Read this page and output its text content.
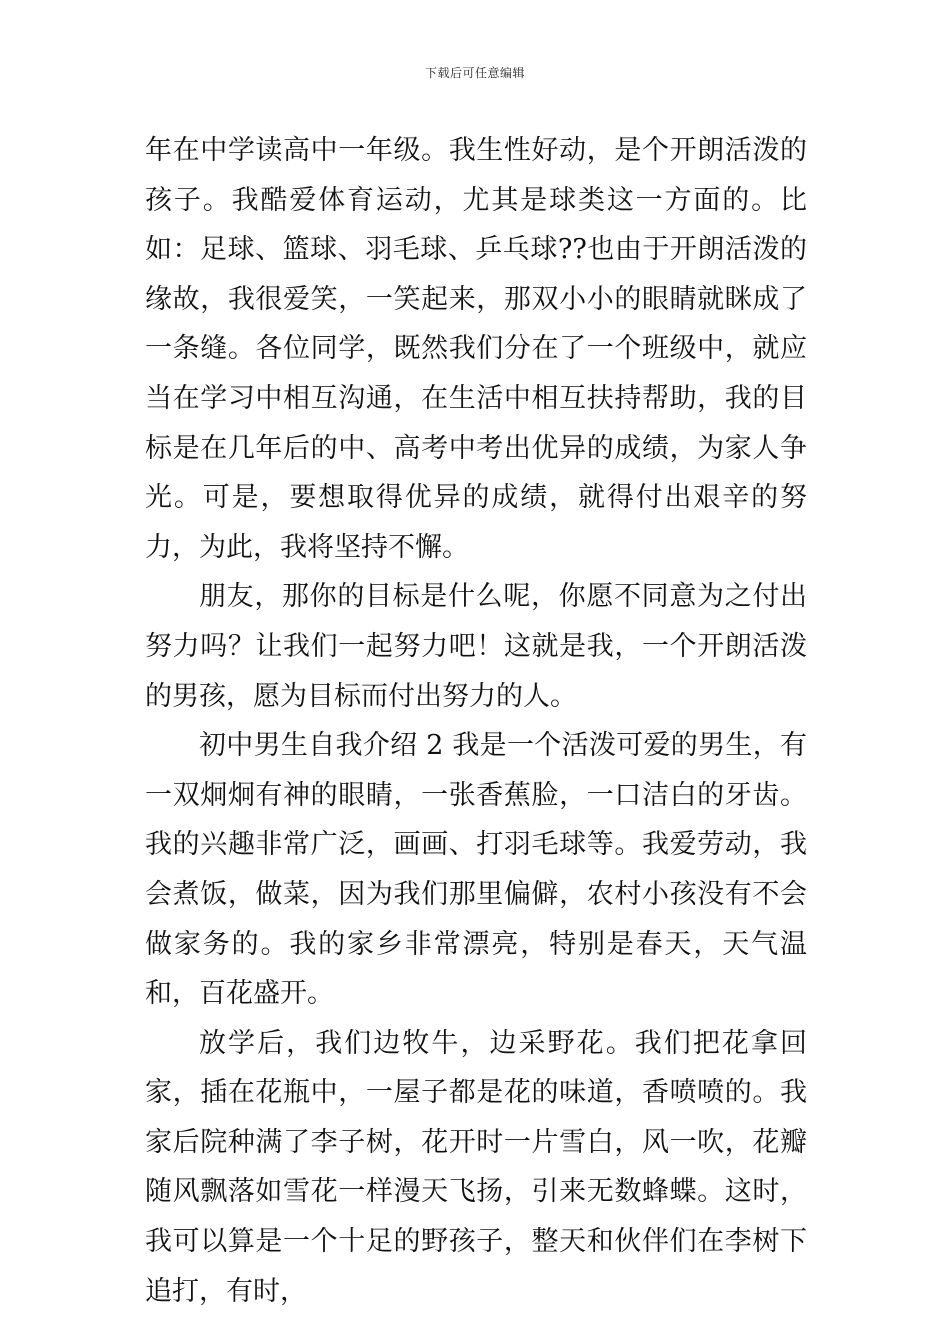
下载后可任意编辑

年在中学读高中一年级。我生性好动，是个开朗活泼的孩子。我酷爱体育运动，尤其是球类这一方面的。比如：足球、篮球、羽毛球、乒乓球??也由于开朗活泼的缘故，我很爱笑，一笑起来，那双小小的眼睛就眯成了一条缝。各位同学，既然我们分在了一个班级中，就应当在学习中相互沟通，在生活中相互扶持帮助，我的目标是在几年后的中、高考中考出优异的成绩，为家人争光。可是，要想取得优异的成绩，就得付出艰辛的努力，为此，我将坚持不懈。

朋友，那你的目标是什么呢，你愿不同意为之付出努力吗？让我们一起努力吧！这就是我，一个开朗活泼的男孩，愿为目标而付出努力的人。

初中男生自我介绍 2 我是一个活泼可爱的男生，有一双炯炯有神的眼睛，一张香蕉脸，一口洁白的牙齿。我的兴趣非常广泛，画画、打羽毛球等。我爱劳动，我会煮饭，做菜，因为我们那里偏僻，农村小孩没有不会做家务的。我的家乡非常漂亮，特别是春天，天气温和，百花盛开。

放学后，我们边牧牛，边采野花。我们把花拿回家，插在花瓶中，一屋子都是花的味道，香喷喷的。我家后院种满了李子树，花开时一片雪白，风一吹，花瓣随风飘落如雪花一样漫天飞扬，引来无数蜂蝶。这时，我可以算是一个十足的野孩子，整天和伙伴们在李树下追打，有时，
